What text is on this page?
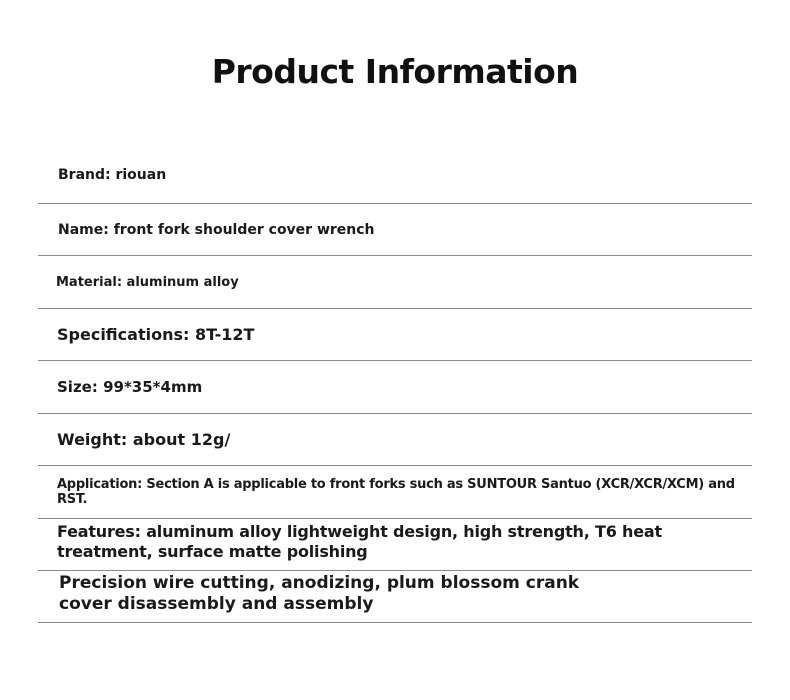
Product Information
Brand: riouan
Name: front fork shoulder cover wrench
Material: aluminum alloy
Specifications: 8T-12T
Size: 99*35*4mm
Weight: about 12g/
Application: Section A is applicable to front forks such as SUNTOUR Santuo (XCR/XCR/XCM) and RST.
Features: aluminum alloy lightweight design, high strength, T6 heat treatment, surface matte polishing
Precision wire cutting, anodizing, plum blossom crank cover disassembly and assembly
